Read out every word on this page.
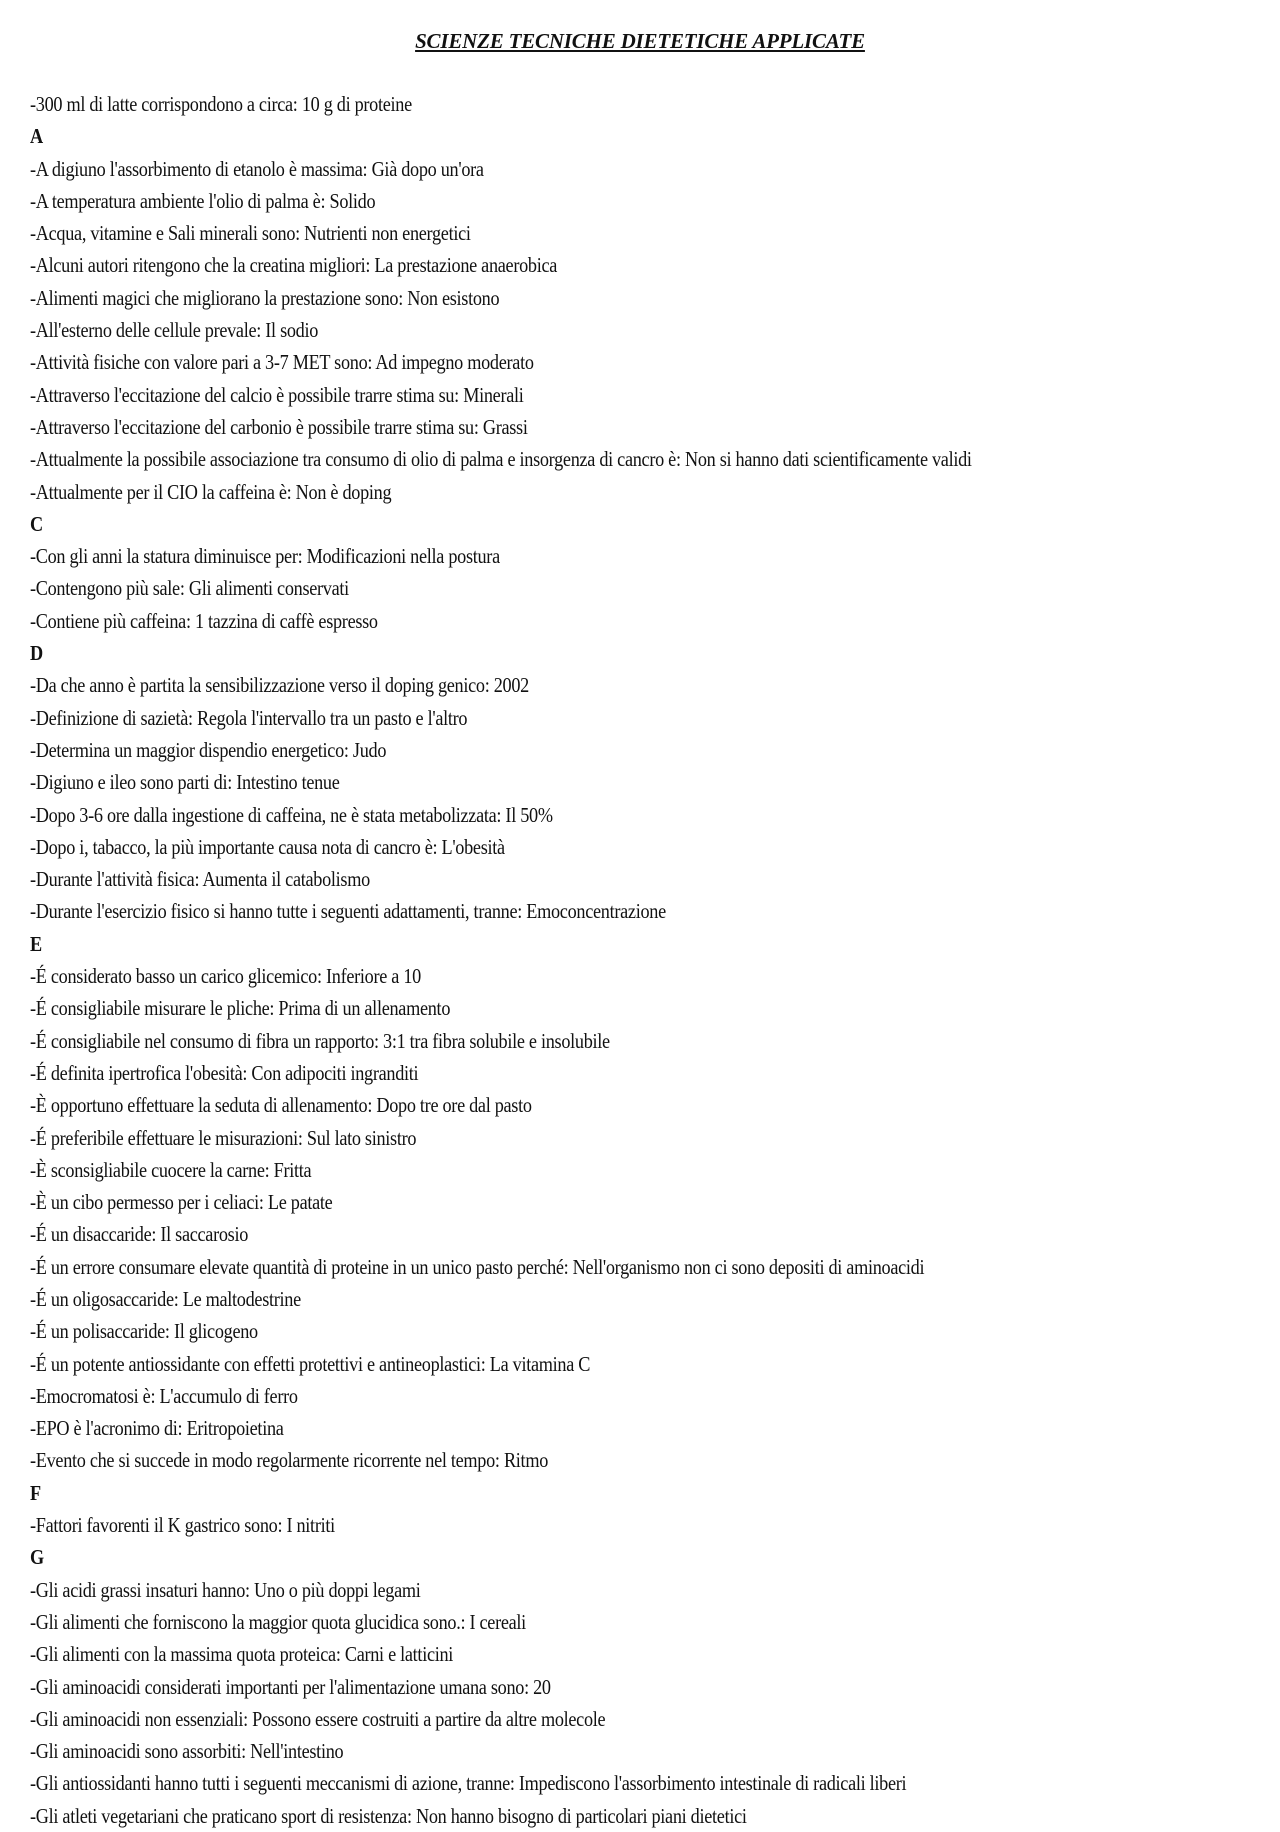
SCIENZE TECNICHE DIETETICHE APPLICATE
-300 ml di latte corrispondono a circa: 10 g di proteine
A
-A digiuno l'assorbimento di etanolo è massima: Già dopo un'ora
-A temperatura ambiente l'olio di palma è: Solido
-Acqua, vitamine e Sali minerali sono: Nutrienti non energetici
-Alcuni autori ritengono che la creatina migliori: La prestazione anaerobica
-Alimenti magici che migliorano la prestazione sono: Non esistono
-All'esterno delle cellule prevale: Il sodio
-Attività fisiche con valore pari a 3-7 MET sono: Ad impegno moderato
-Attraverso l'eccitazione del calcio è possibile trarre stima su: Minerali
-Attraverso l'eccitazione del carbonio è possibile trarre stima su: Grassi
-Attualmente la possibile associazione tra consumo di olio di palma e insorgenza di cancro è: Non si hanno dati scientificamente validi
-Attualmente per il CIO la caffeina è: Non è doping
C
-Con gli anni la statura diminuisce per: Modificazioni nella postura
-Contengono più sale: Gli alimenti conservati
-Contiene più caffeina: 1 tazzina di caffè espresso
D
-Da che anno è partita la sensibilizzazione verso il doping genico: 2002
-Definizione di sazietà: Regola l'intervallo tra un pasto e l'altro
-Determina un maggior dispendio energetico: Judo
-Digiuno e ileo sono parti di: Intestino tenue
-Dopo 3-6 ore dalla ingestione di caffeina, ne è stata metabolizzata: Il 50%
-Dopo i, tabacco, la più importante causa nota di cancro è: L'obesità
-Durante l'attività fisica: Aumenta il catabolismo
-Durante l'esercizio fisico si hanno tutte i seguenti adattamenti, tranne: Emoconcentrazione
E
-É considerato basso un carico glicemico: Inferiore a 10
-É consigliabile misurare le pliche: Prima di un allenamento
-É consigliabile nel consumo di fibra un rapporto: 3:1 tra fibra solubile e insolubile
-É definita ipertrofica l'obesità: Con adipociti ingranditi
-È opportuno effettuare la seduta di allenamento: Dopo tre ore dal pasto
-É preferibile effettuare le misurazioni: Sul lato sinistro
-È sconsigliabile cuocere la carne: Fritta
-È un cibo permesso per i celiaci: Le patate
-É un disaccaride: Il saccarosio
-É un errore consumare elevate quantità di proteine in un unico pasto perché: Nell'organismo non ci sono depositi di aminoacidi
-É un oligosaccaride: Le maltodestrine
-É un polisaccaride: Il glicogeno
-É un potente antiossidante con effetti protettivi e antineoplastici: La vitamina C
-Emocromatosi è: L'accumulo di ferro
-EPO è l'acronimo di: Eritropoietina
-Evento che si succede in modo regolarmente ricorrente nel tempo: Ritmo
F
-Fattori favorenti il K gastrico sono: I nitriti
G
-Gli acidi grassi insaturi hanno: Uno o più doppi legami
-Gli alimenti che forniscono la maggior quota glucidica sono.: I cereali
-Gli alimenti con la massima quota proteica: Carni e latticini
-Gli aminoacidi considerati importanti per l'alimentazione umana sono: 20
-Gli aminoacidi non essenziali: Possono essere costruiti a partire da altre molecole
-Gli aminoacidi sono assorbiti: Nell'intestino
-Gli antiossidanti hanno tutti i seguenti meccanismi di azione, tranne: Impediscono l'assorbimento intestinale di radicali liberi
-Gli atleti vegetariani che praticano sport di resistenza: Non hanno bisogno di particolari piani dietetici
